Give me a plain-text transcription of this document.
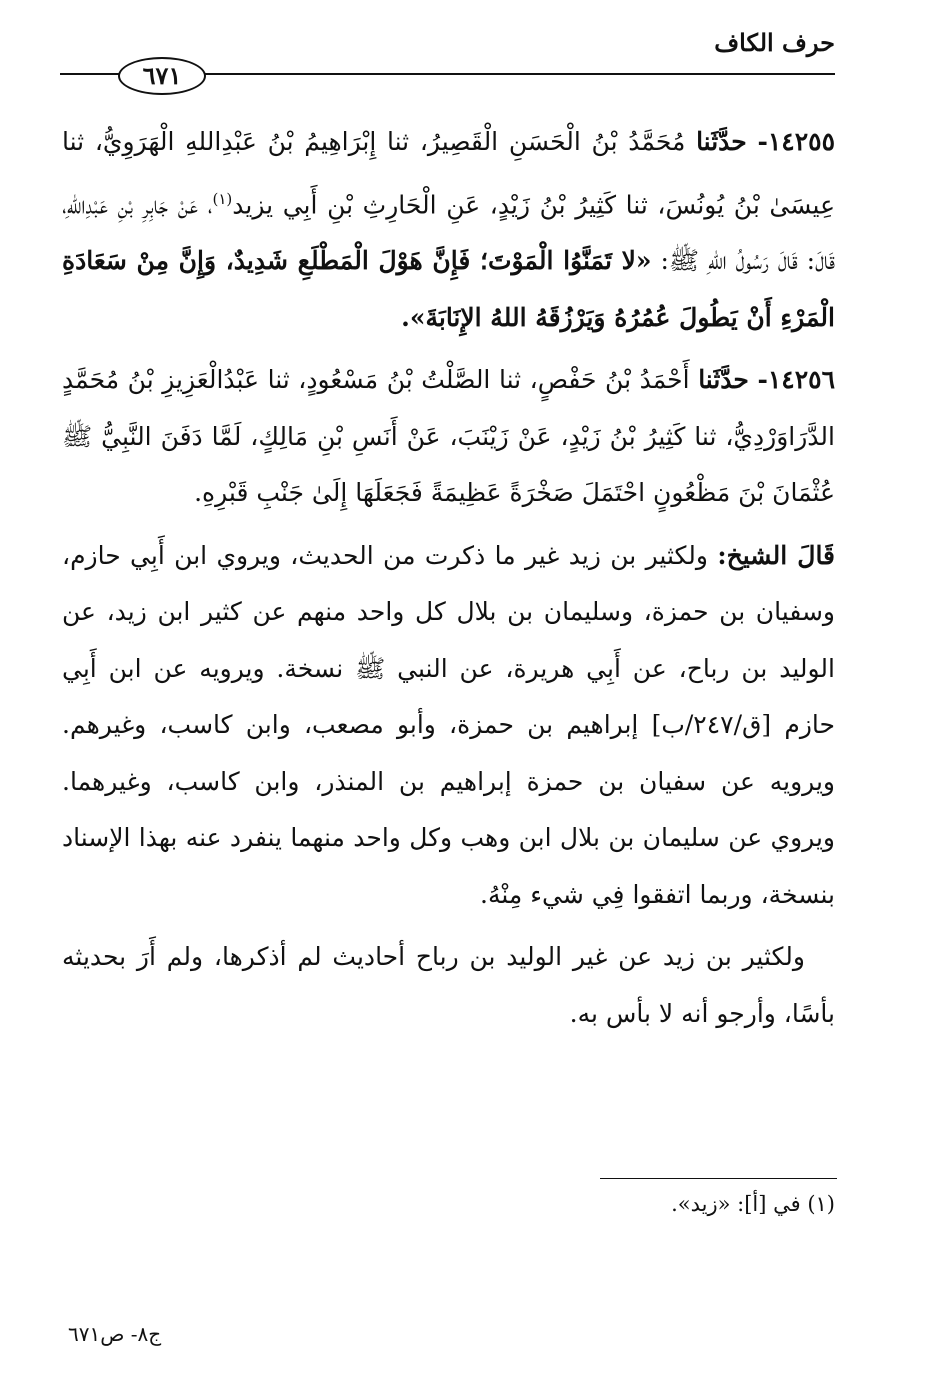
حرف الكاف
٦٧١

١٤٢٥٥- حدَّثَنا مُحَمَّدُ بْنُ الْحَسَنِ الْقَصِيرُ، ثنا إِبْرَاهِيمُ بْنُ عَبْدِاللهِ الْهَرَوِيُّ، ثنا عِيسَىٰ بْنُ يُونُسَ، ثنا كَثِيرُ بْنُ زَيْدٍ، عَنِ الْحَارِثِ بْنِ أَبِي يزيد$^{(١)}$، عَنْ جَابِرِ بْنِ عَبْدِاللهِ، قَالَ: قَالَ رَسُولُ اللهِ ﷺ: «لا تَمَنَّوُا الْمَوْتَ؛ فَإِنَّ هَوْلَ الْمَطْلَعِ شَدِيدٌ، وَإِنَّ مِنْ سَعَادَةِ الْمَرْءِ أَنْ يَطُولَ عُمُرُهُ وَيَرْزُقَهُ اللهُ الإِنَابَةَ».

١٤٢٥٦- حدَّثَنا أَحْمَدُ بْنُ حَفْصٍ، ثنا الصَّلْتُ بْنُ مَسْعُودٍ، ثنا عَبْدُالْعَزِيزِ بْنُ مُحَمَّدٍ الدَّرَاوَرْدِيُّ، ثنا كَثِيرُ بْنُ زَيْدٍ، عَنْ زَيْنَبَ، عَنْ أَنَسِ بْنِ مَالِكٍ، لَمَّا دَفَنَ النَّبِيُّ ﷺ عُثْمَانَ بْنَ مَظْعُونٍ احْتَمَلَ صَخْرَةً عَظِيمَةً فَجَعَلَهَا إِلَىٰ جَنْبِ قَبْرِهِ.

قَالَ الشيخ: ولكثير بن زيد غير ما ذكرت من الحديث، ويروي ابن أَبِي حازم، وسفيان بن حمزة، وسليمان بن بلال كل واحد منهم عن كثير ابن زيد، عن الوليد بن رباح، عن أَبِي هريرة، عن النبي ﷺ نسخة. ويرويه عن ابن أَبِي حازم [ق/٢٤٧/ب] إبراهيم بن حمزة، وأبو مصعب، وابن كاسب، وغيرهم. ويرويه عن سفيان بن حمزة إبراهيم بن المنذر، وابن كاسب، وغيرهما. ويروي عن سليمان بن بلال ابن وهب وكل واحد منهما ينفرد عنه بهذا الإسناد بنسخة، وربما اتفقوا فِي شيء مِنْهُ.

ولكثير بن زيد عن غير الوليد بن رباح أحاديث لم أذكرها، ولم أَرَ بحديثه بأسًا، وأرجو أنه لا بأس به.

(١) في [أ]: «زيد».
ج٨- ص٦٧١
